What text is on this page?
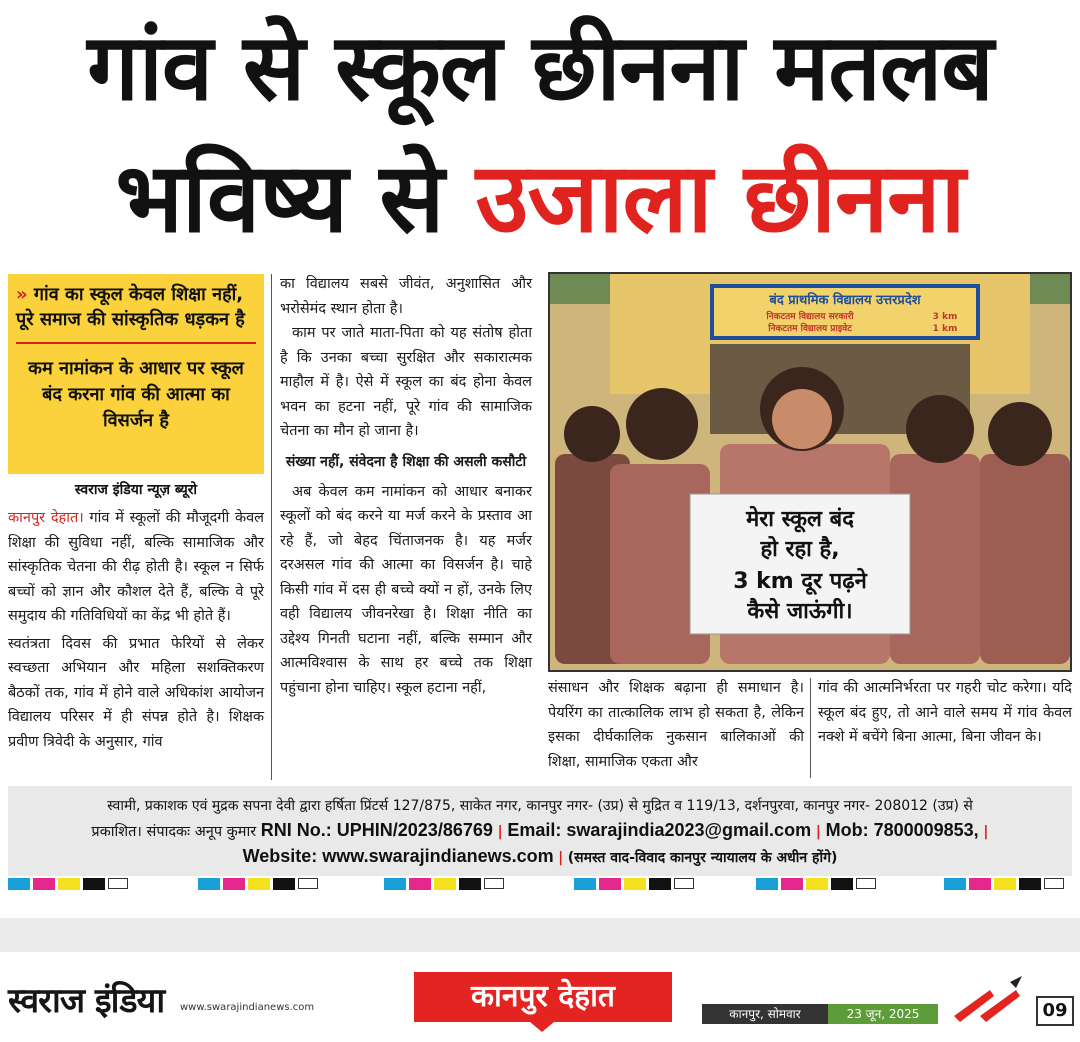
गांव से स्कूल छीनना मतलब
भविष्य से उजाला छीनना
» गांव का स्कूल केवल शिक्षा नहीं, पूरे समाज की सांस्कृतिक धड़कन है
कम नामांकन के आधार पर स्कूल बंद करना गांव की आत्मा का विसर्जन है
स्वराज इंडिया न्यूज़ ब्यूरो
कानपुर देहात। गांव में स्कूलों की मौजूदगी केवल शिक्षा की सुविधा नहीं, बल्कि सामाजिक और सांस्कृतिक चेतना की रीढ़ होती है। स्कूल न सिर्फ बच्चों को ज्ञान और कौशल देते हैं, बल्कि वे पूरे समुदाय की गतिविधियों का केंद्र भी होते हैं।
स्वतंत्रता दिवस की प्रभात फेरियों से लेकर स्वच्छता अभियान और महिला सशक्तिकरण बैठकों तक, गांव में होने वाले अधिकांश आयोजन विद्यालय परिसर में ही संपन्न होते है। शिक्षक प्रवीण त्रिवेदी के अनुसार, गांव
का विद्यालय सबसे जीवंत, अनुशासित और भरोसेमंद स्थान होता है।
काम पर जाते माता-पिता को यह संतोष होता है कि उनका बच्चा सुरक्षित और सकारात्मक माहौल में है। ऐसे में स्कूल का बंद होना केवल भवन का हटना नहीं, पूरे गांव की सामाजिक चेतना का मौन हो जाना है।
संख्या नहीं, संवेदना है शिक्षा की असली कसौटी
अब केवल कम नामांकन को आधार बनाकर स्कूलों को बंद करने या मर्ज करने के प्रस्ताव आ रहे हैं, जो बेहद चिंताजनक है। यह मर्जर दरअसल गांव की आत्मा का विसर्जन है। चाहे किसी गांव में दस ही बच्चे क्यों न हों, उनके लिए वही विद्यालय जीवनरेखा है। शिक्षा नीति का उद्देश्य गिनती घटाना नहीं, बल्कि सम्मान और आत्मविश्वास के साथ हर बच्चे तक शिक्षा पहुंचाना होना चाहिए। स्कूल हटाना नहीं,
बंद प्राथमिक विद्यालय उत्तरप्रदेश
निकटतम विद्यालय सरकारी	3 km
निकटतम विद्यालय प्राइवेट	1 km
मेरा स्कूल बंद
हो रहा है,
3 km दूर पढ़ने
कैसे जाऊंगी।
संसाधन और शिक्षक बढ़ाना ही समाधान है। पेयरिंग का तात्कालिक लाभ हो सकता है, लेकिन इसका दीर्घकालिक नुकसान बालिकाओं की शिक्षा, सामाजिक एकता और
गांव की आत्मनिर्भरता पर गहरी चोट करेगा। यदि स्कूल बंद हुए, तो आने वाले समय में गांव केवल नक्शे में बचेंगे बिना आत्मा, बिना जीवन के।
स्वामी, प्रकाशक एवं मुद्रक सपना देवी द्वारा हर्षिता प्रिंटर्स 127/875, साकेत नगर, कानपुर नगर- (उप्र) से मुद्रित व 119/13, दर्शनपुरवा, कानपुर नगर- 208012 (उप्र) से
प्रकाशित। संपादकः अनूप कुमार RNI No.: UPHIN/2023/86769 | Email: swarajindia2023@gmail.com | Mob: 7800009853, |
Website: www.swarajindianews.com | (समस्त वाद-विवाद कानपुर न्यायालय के अधीन होंगे)
स्वराज इंडिया www.swarajindianews.com	कानपुर देहात	कानपुर, सोमवार	23 जून, 2025	09
